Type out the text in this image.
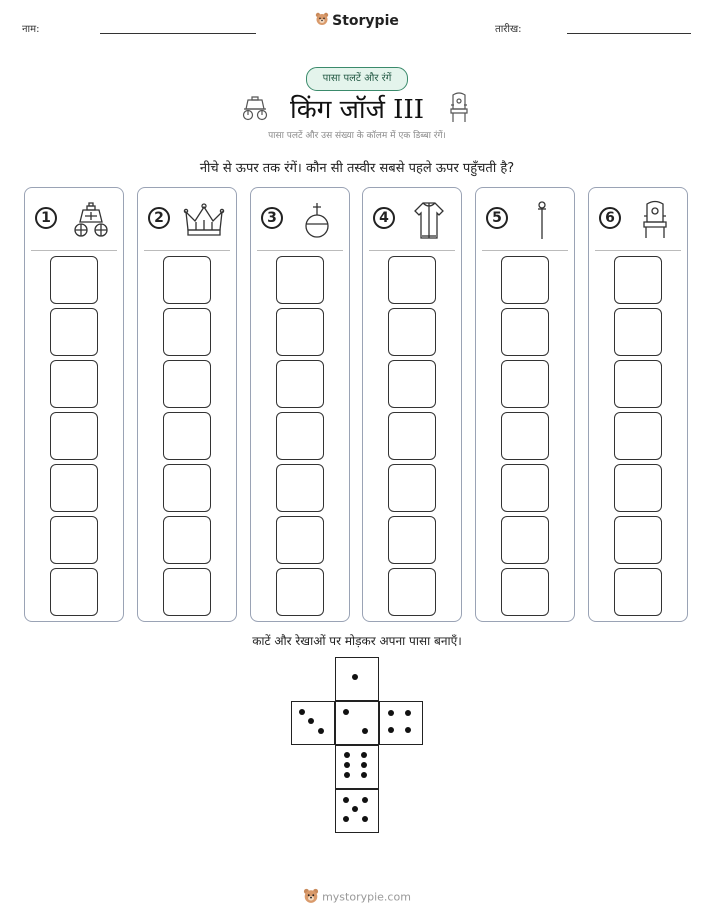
नाम:
Storypie
तारीख:
पासा पलटें और रंगें
किंग जॉर्ज III
पासा पलटें और उस संख्या के कॉलम में एक डिब्बा रंगें।
नीचे से ऊपर तक रंगें। कौन सी तस्वीर सबसे पहले ऊपर पहुँचती है?
1	2	3	4	5	6
काटें और रेखाओं पर मोड़कर अपना पासा बनाएँ।
mystorypie.com
